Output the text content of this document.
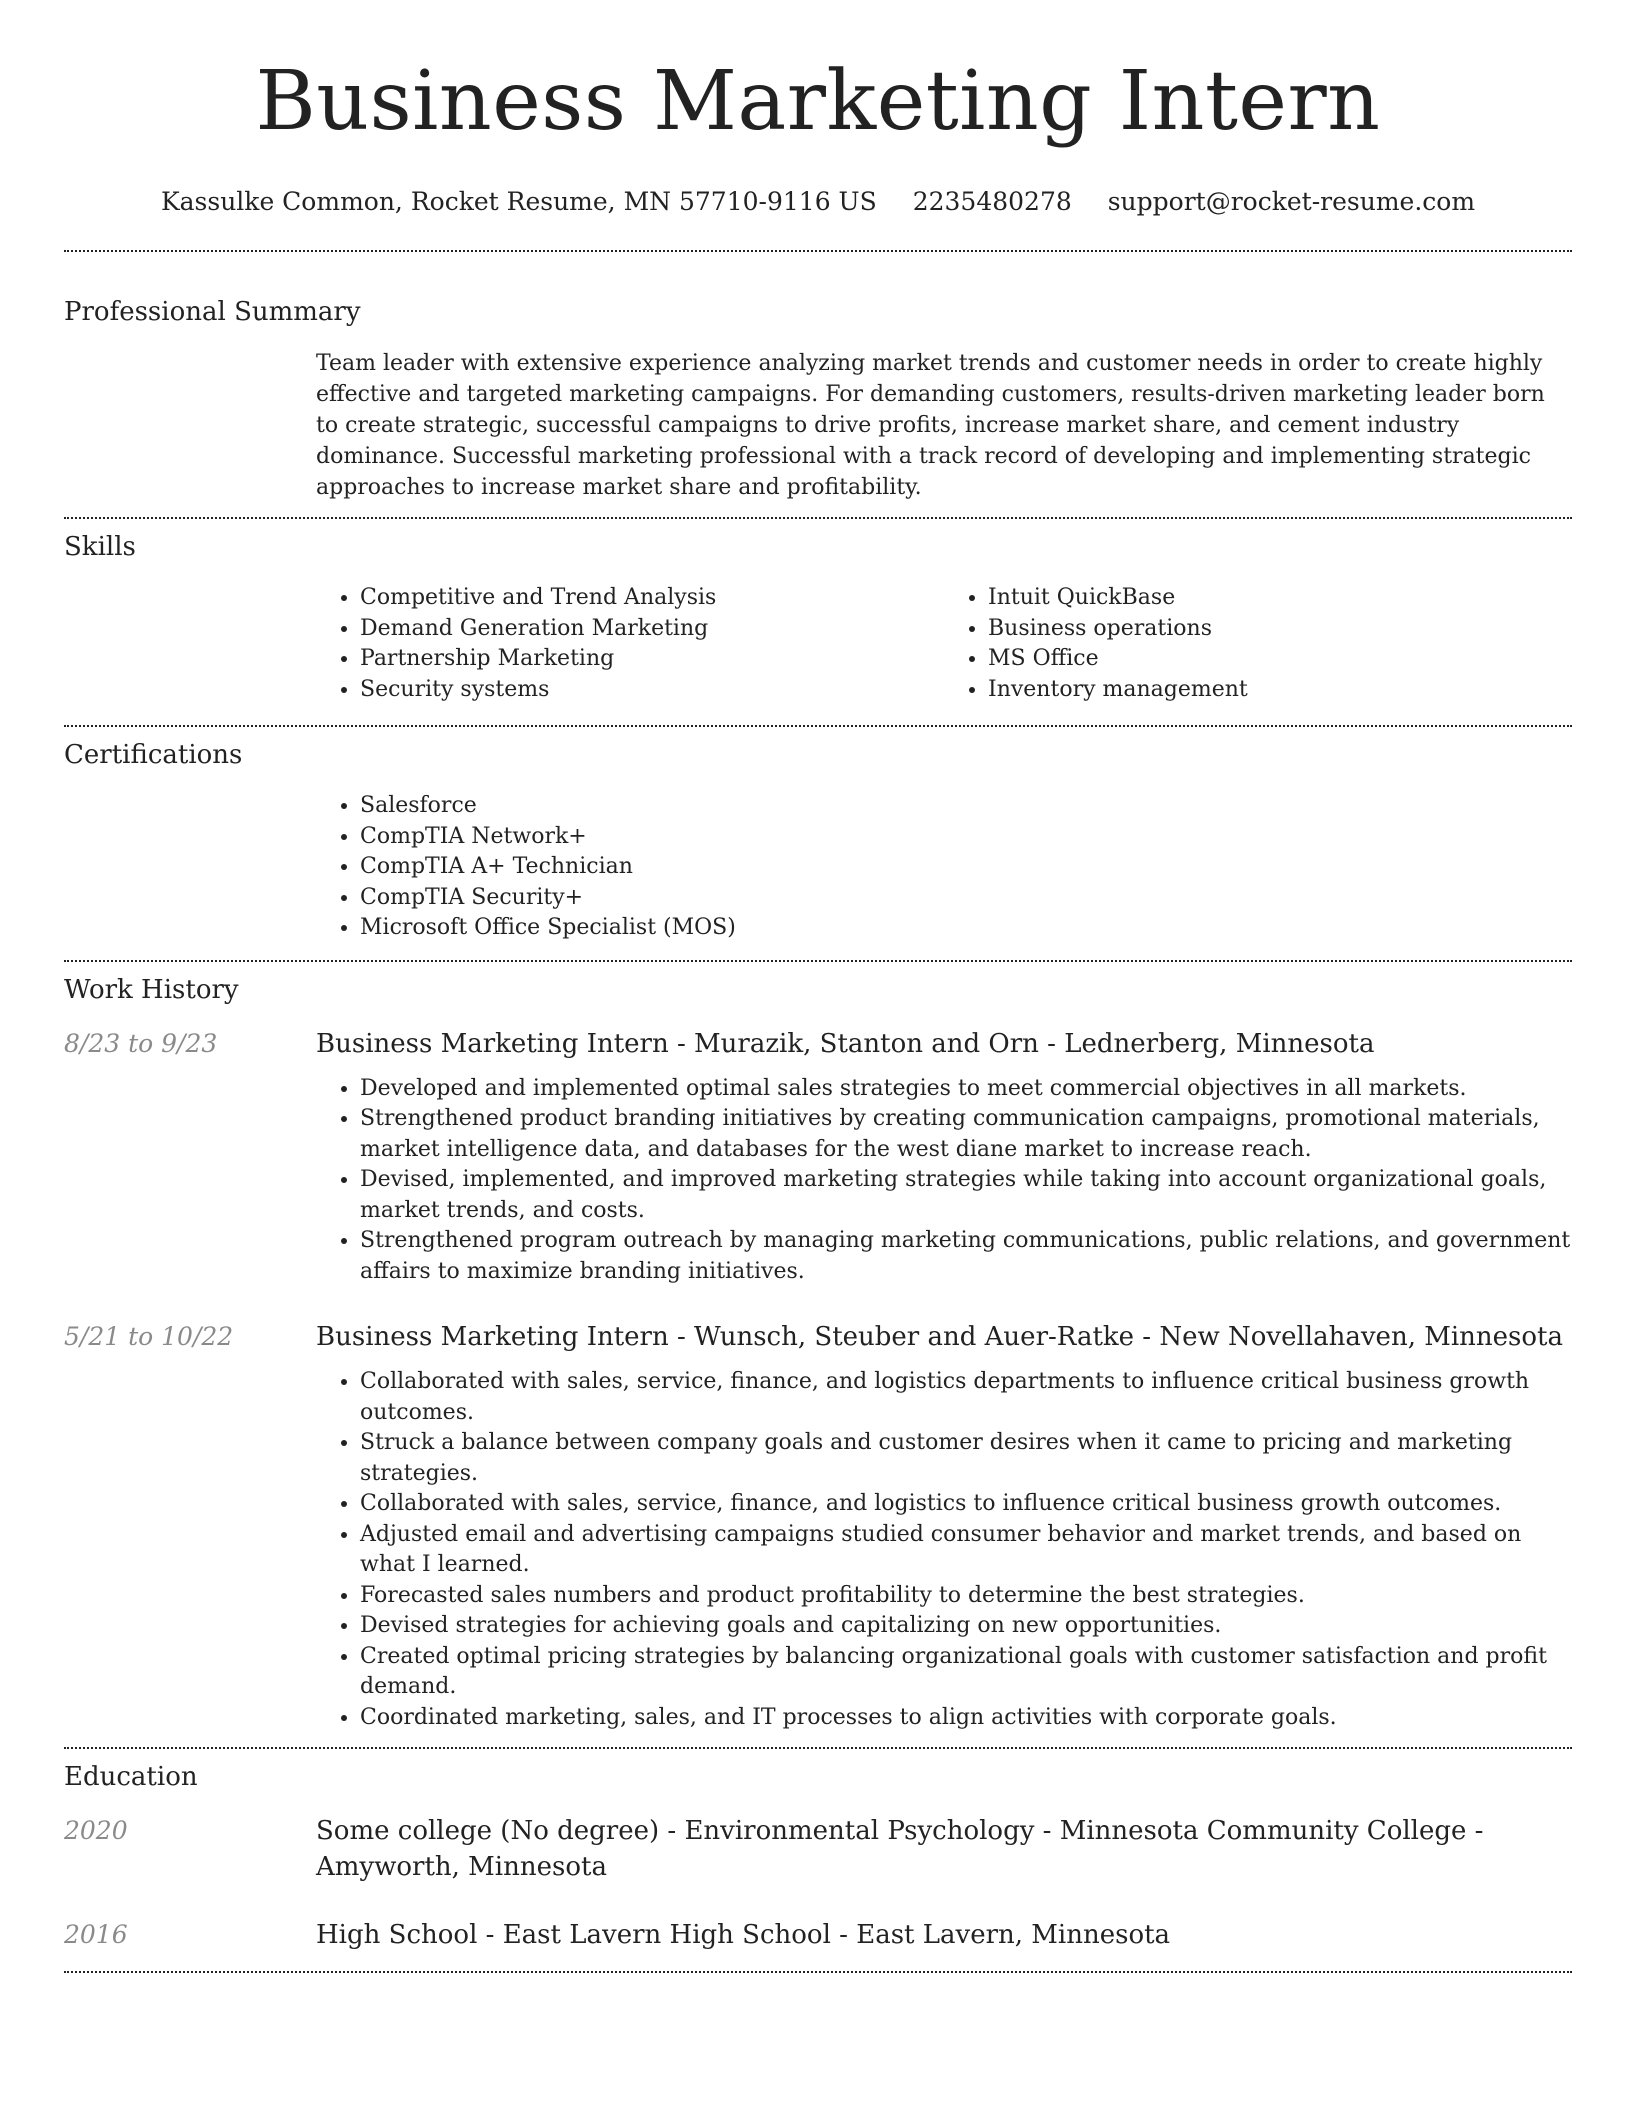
Business Marketing Intern
Kassulke Common, Rocket Resume, MN 57710-9116 US 2235480278 support@rocket-resume.com
Professional Summary
Team leader with extensive experience analyzing market trends and customer needs in order to create highly effective and targeted marketing campaigns. For demanding customers, results-driven marketing leader born to create strategic, successful campaigns to drive profits, increase market share, and cement industry dominance. Successful marketing professional with a track record of developing and implementing strategic approaches to increase market share and profitability.
Skills
• Competitive and Trend Analysis
• Demand Generation Marketing
• Partnership Marketing
• Security systems
• Intuit QuickBase
• Business operations
• MS Office
• Inventory management
Certifications
• Salesforce
• CompTIA Network+
• CompTIA A+ Technician
• CompTIA Security+
• Microsoft Office Specialist (MOS)
Work History
8/23 to 9/23	Business Marketing Intern - Murazik, Stanton and Orn - Lednerberg, Minnesota
• Developed and implemented optimal sales strategies to meet commercial objectives in all markets.
• Strengthened product branding initiatives by creating communication campaigns, promotional materials, market intelligence data, and databases for the west diane market to increase reach.
• Devised, implemented, and improved marketing strategies while taking into account organizational goals, market trends, and costs.
• Strengthened program outreach by managing marketing communications, public relations, and government affairs to maximize branding initiatives.
5/21 to 10/22	Business Marketing Intern - Wunsch, Steuber and Auer-Ratke - New Novellahaven, Minnesota
• Collaborated with sales, service, finance, and logistics departments to influence critical business growth outcomes.
• Struck a balance between company goals and customer desires when it came to pricing and marketing strategies.
• Collaborated with sales, service, finance, and logistics to influence critical business growth outcomes.
• Adjusted email and advertising campaigns studied consumer behavior and market trends, and based on what I learned.
• Forecasted sales numbers and product profitability to determine the best strategies.
• Devised strategies for achieving goals and capitalizing on new opportunities.
• Created optimal pricing strategies by balancing organizational goals with customer satisfaction and profit demand.
• Coordinated marketing, sales, and IT processes to align activities with corporate goals.
Education
2020	Some college (No degree) - Environmental Psychology - Minnesota Community College - Amyworth, Minnesota
2016	High School - East Lavern High School - East Lavern, Minnesota
